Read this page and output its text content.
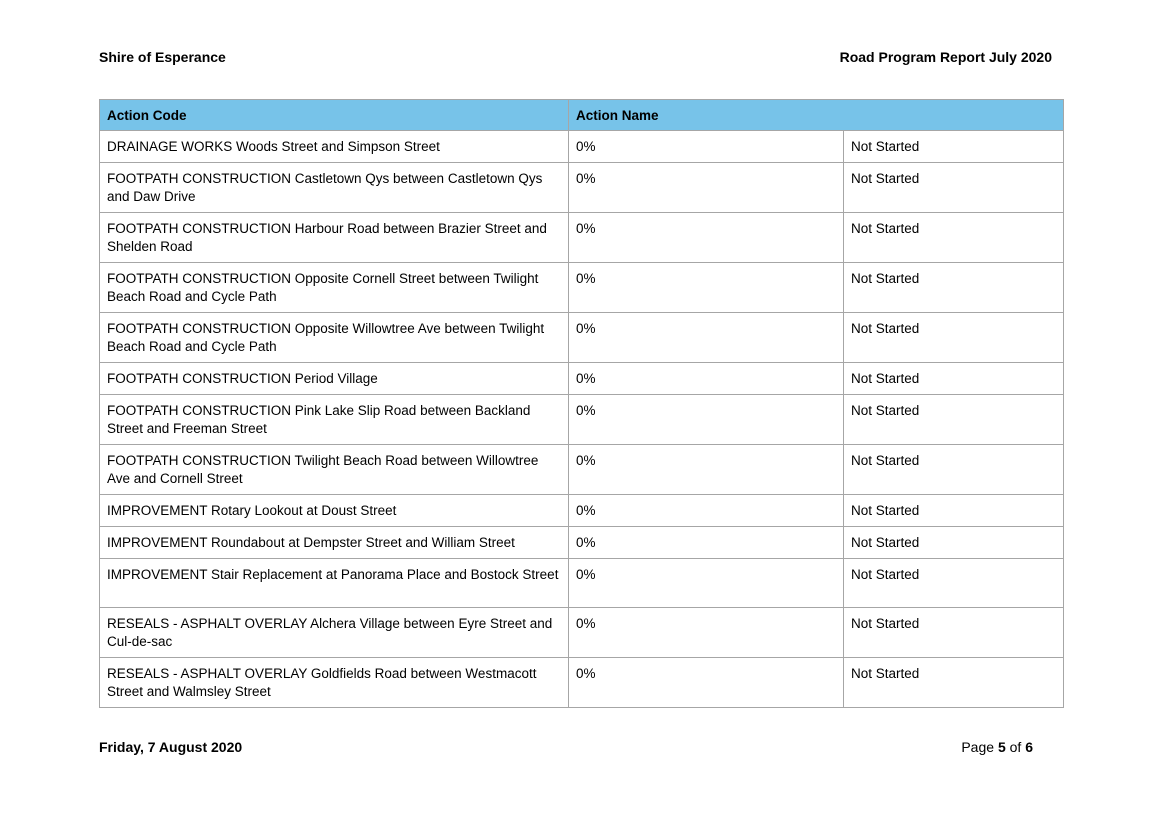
Shire of Esperance	Road Program Report July 2020
Action Code	Action Name	
DRAINAGE WORKS Woods Street and Simpson Street	0%	Not Started
FOOTPATH CONSTRUCTION Castletown Qys between Castletown Qys and Daw Drive	0%	Not Started
FOOTPATH CONSTRUCTION Harbour Road between Brazier Street and Shelden Road	0%	Not Started
FOOTPATH CONSTRUCTION Opposite Cornell Street between Twilight Beach Road and Cycle Path	0%	Not Started
FOOTPATH CONSTRUCTION Opposite Willowtree Ave between Twilight Beach Road and Cycle Path	0%	Not Started
FOOTPATH CONSTRUCTION Period Village	0%	Not Started
FOOTPATH CONSTRUCTION Pink Lake Slip Road between Backland Street and Freeman Street	0%	Not Started
FOOTPATH CONSTRUCTION Twilight Beach Road between Willowtree Ave and Cornell Street	0%	Not Started
IMPROVEMENT Rotary Lookout at Doust Street	0%	Not Started
IMPROVEMENT Roundabout at Dempster Street and William Street	0%	Not Started
IMPROVEMENT Stair Replacement at Panorama Place and Bostock Street	0%	Not Started
RESEALS - ASPHALT OVERLAY Alchera Village between Eyre Street and Cul-de-sac	0%	Not Started
RESEALS - ASPHALT OVERLAY Goldfields Road between Westmacott Street and Walmsley Street	0%	Not Started
Friday, 7 August 2020	Page 5 of 6
